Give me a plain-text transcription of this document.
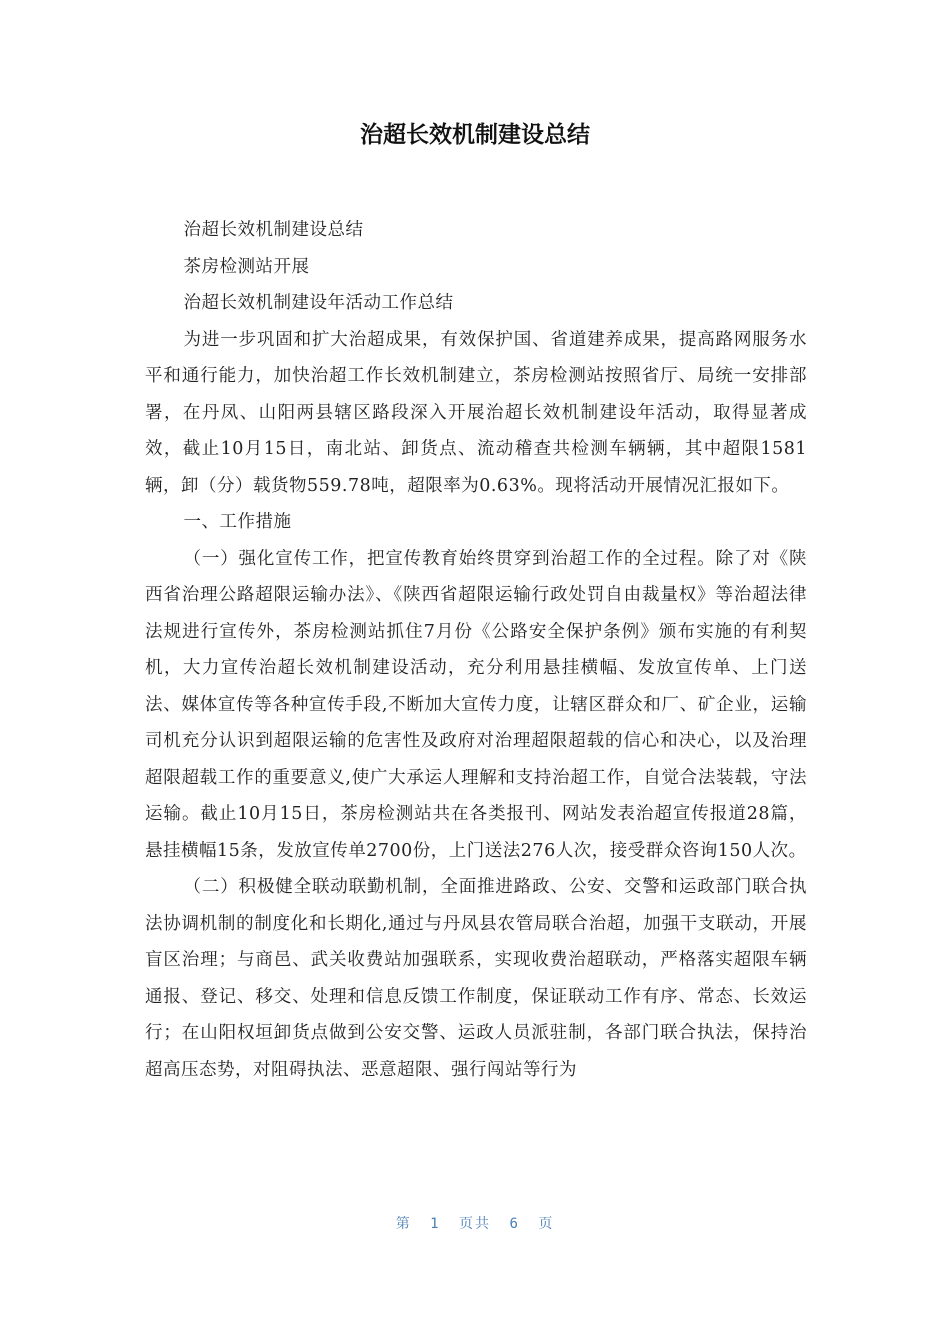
治超长效机制建设总结

治超长效机制建设总结

茶房检测站开展

治超长效机制建设年活动工作总结

为进一步巩固和扩大治超成果，有效保护国、省道建养成果，提高路网服务水平和通行能力，加快治超工作长效机制建立，茶房检测站按照省厅、局统一安排部署，在丹凤、山阳两县辖区路段深入开展治超长效机制建设年活动，取得显著成效，截止10月15日，南北站、卸货点、流动稽查共检测车辆辆，其中超限1581辆，卸（分）载货物559.78吨，超限率为0.63%。现将活动开展情况汇报如下。

一、工作措施

（一）强化宣传工作，把宣传教育始终贯穿到治超工作的全过程。除了对《陕西省治理公路超限运输办法》、《陕西省超限运输行政处罚自由裁量权》等治超法律法规进行宣传外，茶房检测站抓住7月份《公路安全保护条例》颁布实施的有利契机，大力宣传治超长效机制建设活动，充分利用悬挂横幅、发放宣传单、上门送法、媒体宣传等各种宣传手段,不断加大宣传力度，让辖区群众和厂、矿企业，运输司机充分认识到超限运输的危害性及政府对治理超限超载的信心和决心，以及治理超限超载工作的重要意义,使广大承运人理解和支持治超工作，自觉合法装载，守法运输。截止10月15日，茶房检测站共在各类报刊、网站发表治超宣传报道28篇，悬挂横幅15条，发放宣传单2700份，上门送法276人次，接受群众咨询150人次。

（二）积极健全联动联勤机制，全面推进路政、公安、交警和运政部门联合执法协调机制的制度化和长期化,通过与丹凤县农管局联合治超，加强干支联动，开展盲区治理；与商邑、武关收费站加强联系，实现收费治超联动，严格落实超限车辆通报、登记、移交、处理和信息反馈工作制度，保证联动工作有序、常态、长效运行；在山阳权垣卸货点做到公安交警、运政人员派驻制，各部门联合执法，保持治超高压态势，对阻碍执法、恶意超限、强行闯站等行为

第 1 页共 6 页
